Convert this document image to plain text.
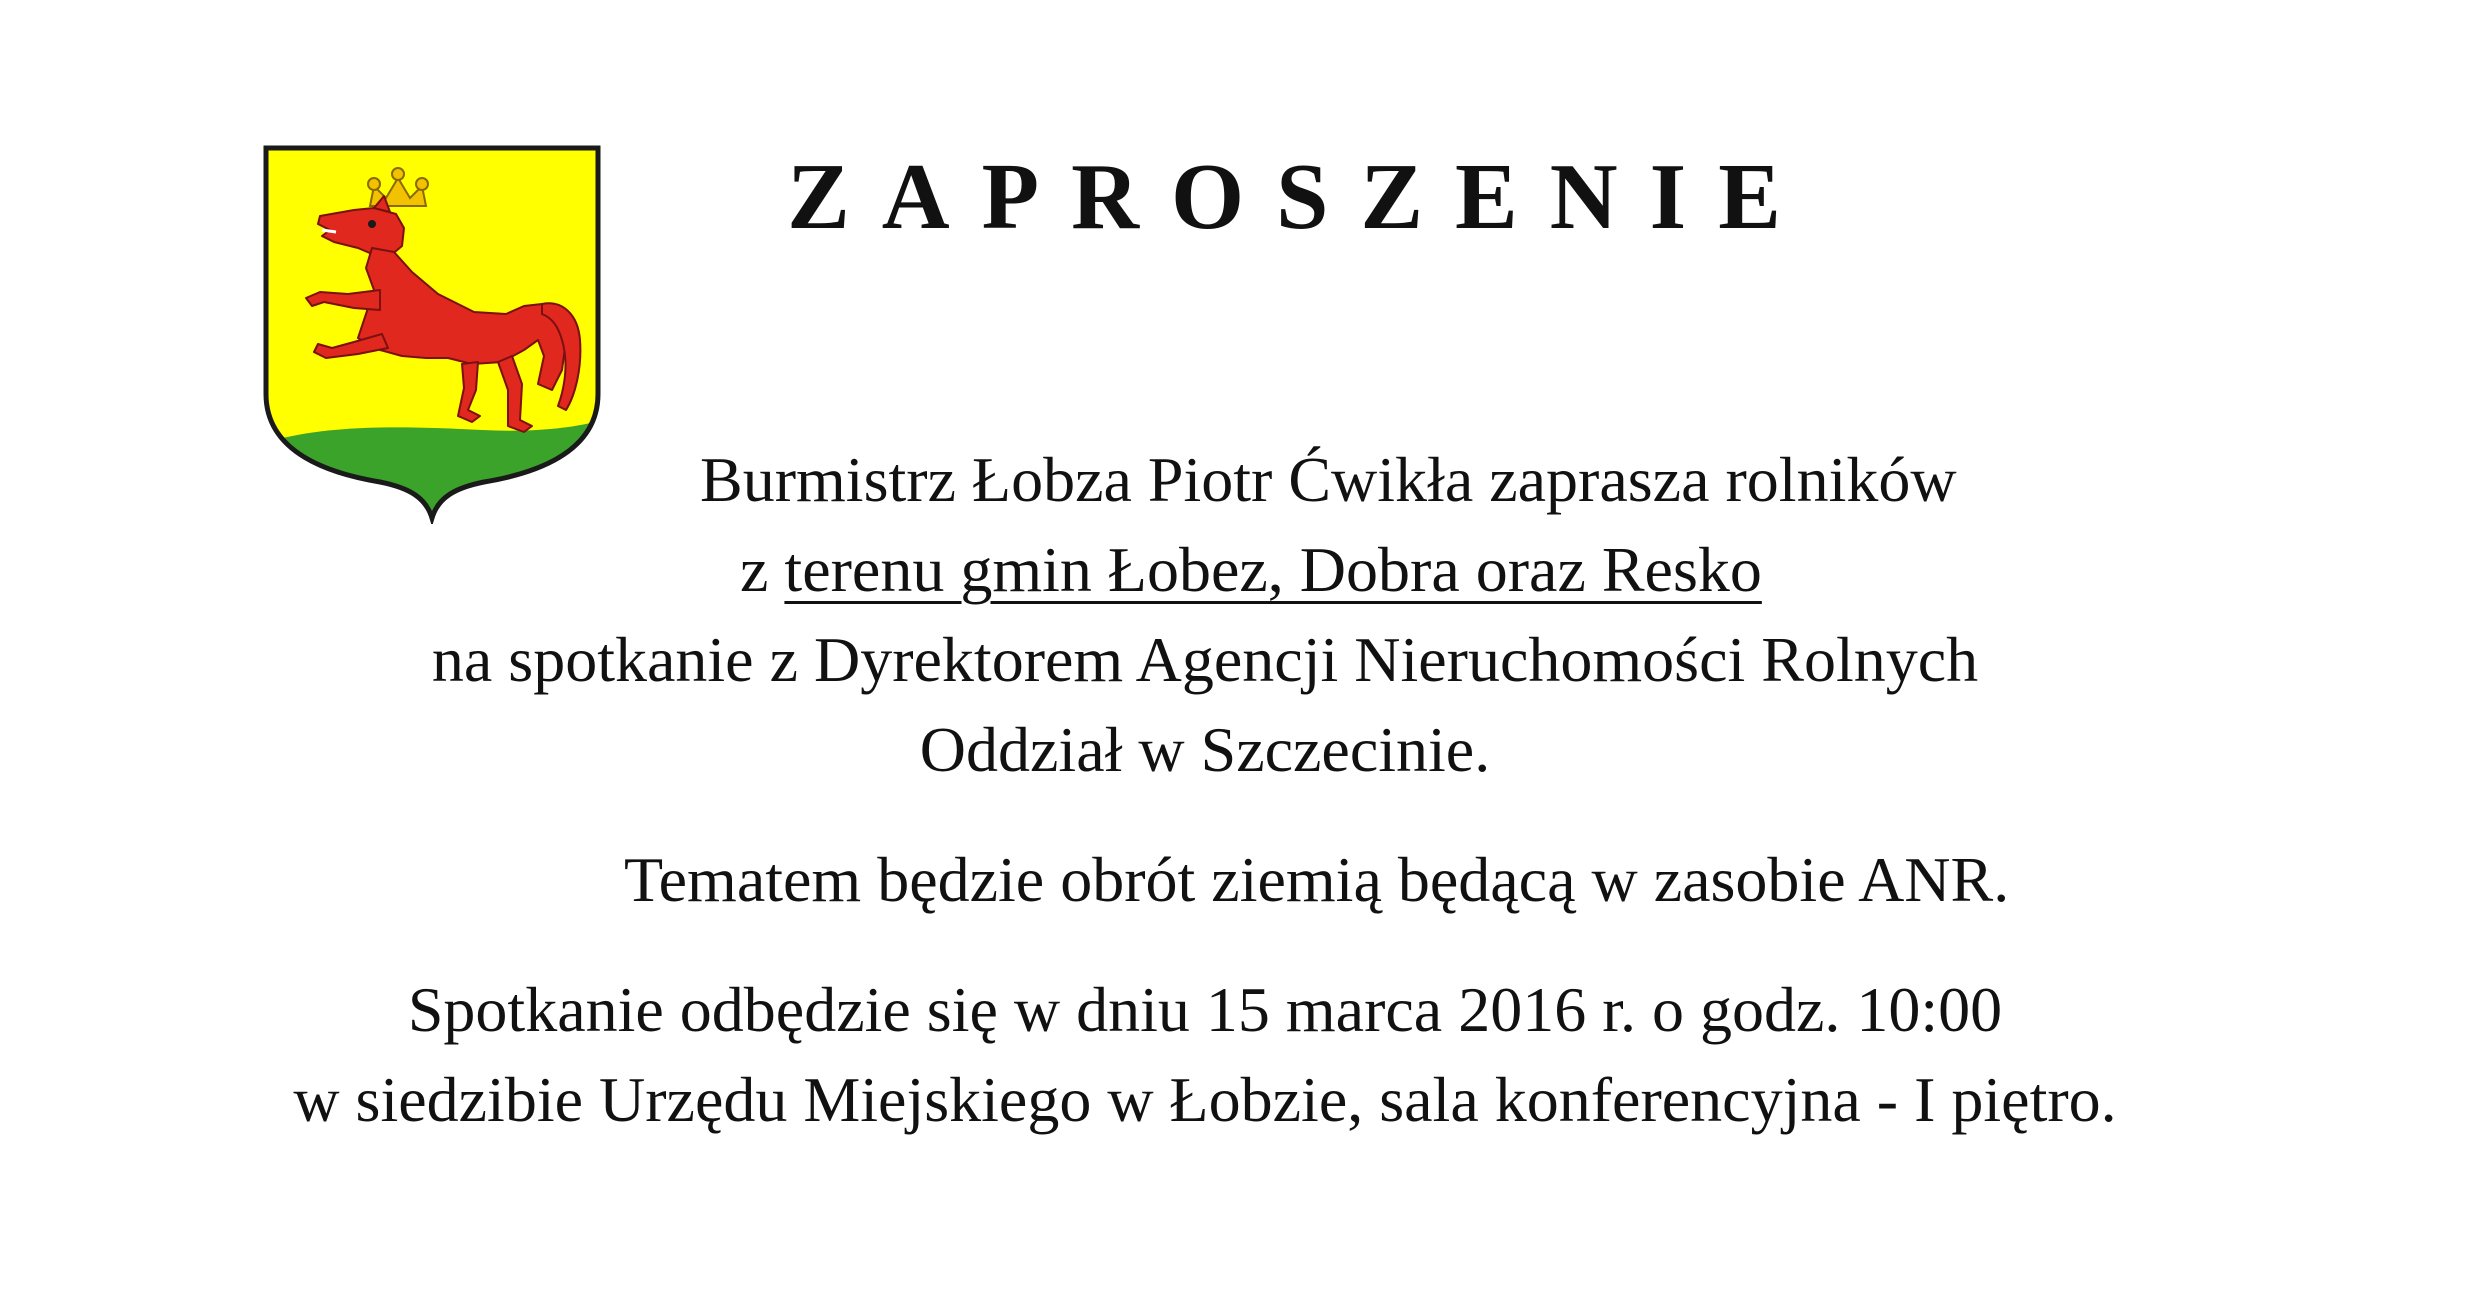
ZAPROSZENIE

Burmistrz Łobza Piotr Ćwikła zaprasza rolników

z terenu gmin Łobez, Dobra oraz Resko

na spotkanie z Dyrektorem Agencji Nieruchomości Rolnych

Oddział w Szczecinie.

Tematem będzie obrót ziemią będącą w zasobie ANR.

Spotkanie odbędzie się w dniu 15 marca 2016 r. o godz. 10:00

w siedzibie Urzędu Miejskiego w Łobzie, sala konferencyjna - I piętro.
